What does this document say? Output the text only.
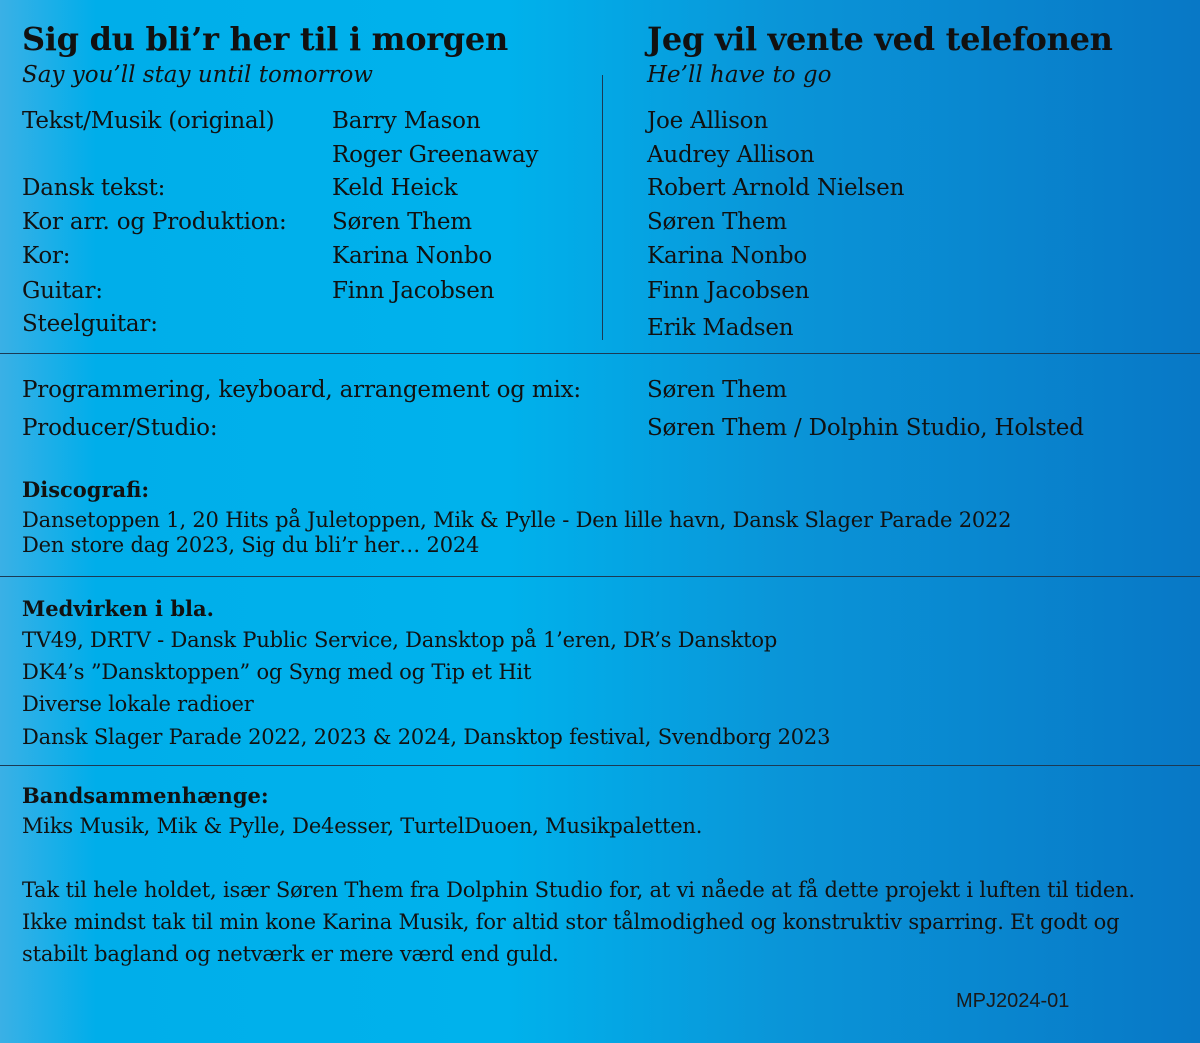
Sig du bli’r her til i morgen
Say you’ll stay until tomorrow
Jeg vil vente ved telefonen
He’ll have to go
Tekst/Musik (original)
Dansk tekst:
Kor arr. og Produktion:
Kor:
Guitar:
Steelguitar:
Barry Mason
Roger Greenaway
Keld Heick
Søren Them
Karina Nonbo
Finn Jacobsen
Joe Allison
Audrey Allison
Robert Arnold Nielsen
Søren Them
Karina Nonbo
Finn Jacobsen
Erik Madsen
Programmering, keyboard, arrangement og mix:	Søren Them
Producer/Studio:	Søren Them / Dolphin Studio, Holsted
Discografi:
Dansetoppen 1, 20 Hits på Juletoppen, Mik & Pylle - Den lille havn, Dansk Slager Parade 2022
Den store dag 2023, Sig du bli’r her… 2024
Medvirken i bla.
TV49, DRTV - Dansk Public Service, Dansktop på 1’eren, DR’s Dansktop
DK4’s ”Dansktoppen” og Syng med og Tip et Hit
Diverse lokale radioer
Dansk Slager Parade 2022, 2023 & 2024, Dansktop festival, Svendborg 2023
Bandsammenhænge:
Miks Musik, Mik & Pylle, De4esser, TurtelDuoen, Musikpaletten.
Tak til hele holdet, især Søren Them fra Dolphin Studio for, at vi nåede at få dette projekt i luften til tiden. Ikke mindst tak til min kone Karina Musik, for altid stor tålmodighed og konstruktiv sparring. Et godt og stabilt bagland og netværk er mere værd end guld.
MPJ2024-01
